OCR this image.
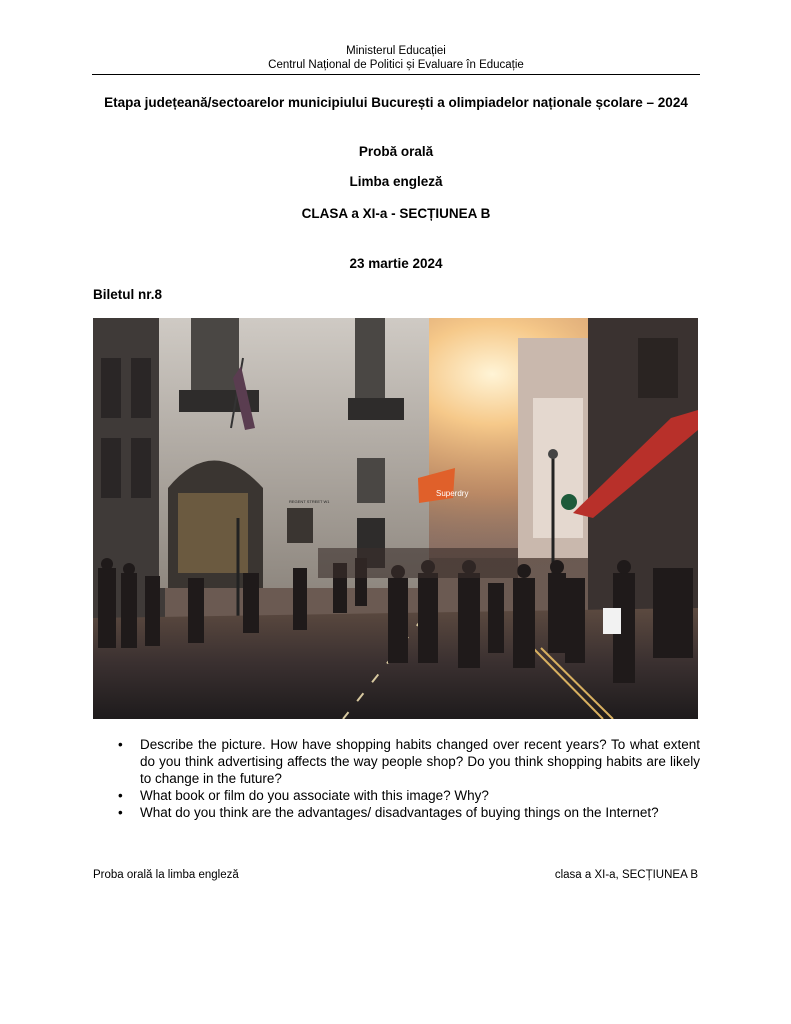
Ministerul Educației
Centrul Național de Politici și Evaluare în Educație
Etapa județeană/sectoarelor municipiului București a olimpiadelor naționale școlare – 2024
Probă orală
Limba engleză
CLASA a XI-a - SECȚIUNEA B
23 martie 2024
Biletul nr.8
Superdry
REGENT STREET W1
• Describe the picture. How have shopping habits changed over recent years? To what extent do you think advertising affects the way people shop? Do you think shopping habits are likely to change in the future?
• What book or film do you associate with this image? Why?
• What do you think are the advantages/ disadvantages of buying things on the Internet?
Proba orală la limba engleză	clasa a XI-a, SECȚIUNEA B
